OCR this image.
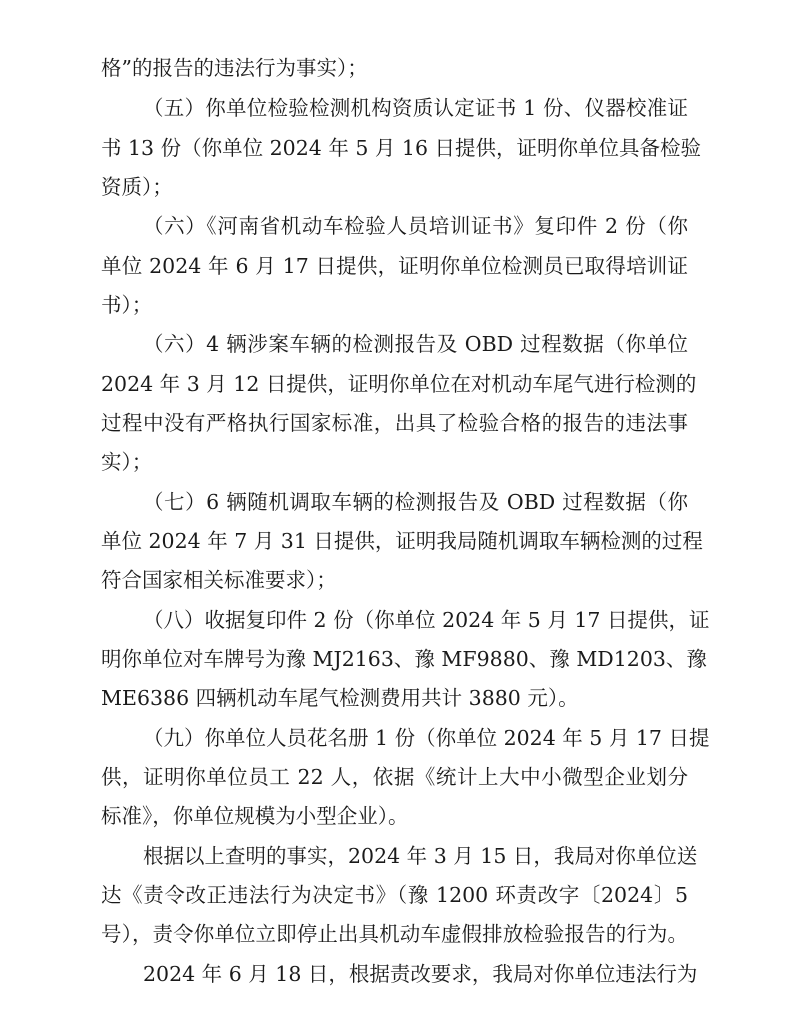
格”的报告的违法行为事实）；
（五）你单位检验检测机构资质认定证书 1 份、仪器校准证
书 13 份（你单位 2024 年 5 月 16 日提供，证明你单位具备检验
资质）；
（六）《河南省机动车检验人员培训证书》复印件 2 份（你
单位 2024 年 6 月 17 日提供，证明你单位检测员已取得培训证
书）；
（六）4 辆涉案车辆的检测报告及 OBD 过程数据（你单位
2024 年 3 月 12 日提供，证明你单位在对机动车尾气进行检测的
过程中没有严格执行国家标准，出具了检验合格的报告的违法事
实）；
（七）6 辆随机调取车辆的检测报告及 OBD 过程数据（你
单位 2024 年 7 月 31 日提供，证明我局随机调取车辆检测的过程
符合国家相关标准要求）；
（八）收据复印件 2 份（你单位 2024 年 5 月 17 日提供，证
明你单位对车牌号为豫 MJ2163、豫 MF9880、豫 MD1203、豫
ME6386 四辆机动车尾气检测费用共计 3880 元）。
（九）你单位人员花名册 1 份（你单位 2024 年 5 月 17 日提
供，证明你单位员工 22 人，依据《统计上大中小微型企业划分
标准》，你单位规模为小型企业）。
根据以上查明的事实，2024 年 3 月 15 日，我局对你单位送
达《责令改正违法行为决定书》（豫 1200 环责改字〔2024〕5
号），责令你单位立即停止出具机动车虚假排放检验报告的行为。
2024 年 6 月 18 日，根据责改要求，我局对你单位违法行为
